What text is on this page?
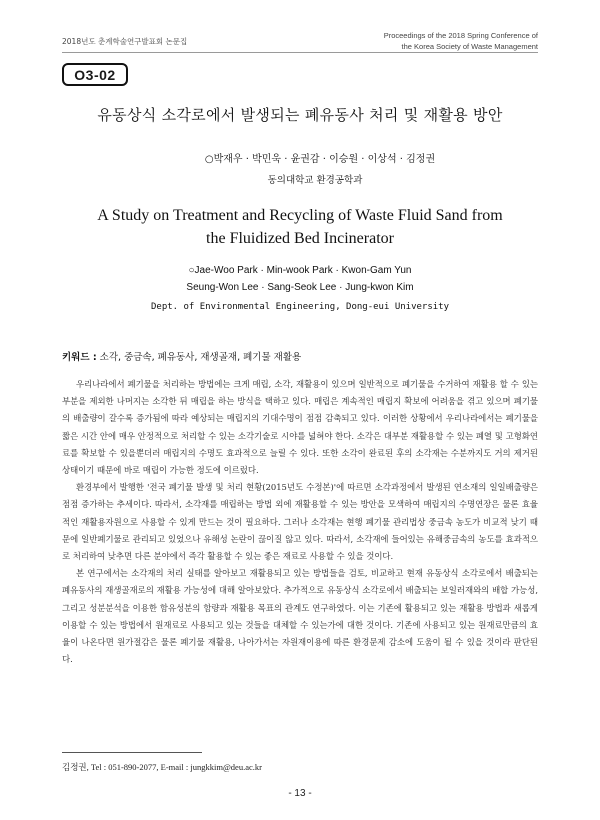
2018년도 춘계학술연구발표회 논문집
Proceedings of the 2018 Spring Conference of
the Korea Society of Waste Management
O3-02
유동상식 소각로에서 발생되는 폐유동사 처리 및 재활용 방안
○박재우 · 박민욱 · 윤권감 · 이승원 · 이상석 · 김정권
동의대학교 환경공학과
A Study on Treatment and Recycling of Waste Fluid Sand from
the Fluidized Bed Incinerator
○Jae-Woo Park · Min-wook Park · Kwon-Gam Yun
Seung-Won Lee · Sang-Seok Lee · Jung-kwon Kim
Dept. of Environmental Engineering, Dong-eui University
키워드 : 소각, 중금속, 폐유동사, 재생골재, 폐기물 재활용

우리나라에서 폐기물을 처리하는 방법에는 크게 매립, 소각, 재활용이 있으며 일반적으로 폐기물을 수거하여 재활용 할 수 있는 부분을 제외한 나머지는 소각한 뒤 매립을 하는 방식을 택하고 있다. 매립은 계속적인 매립지 확보에 어려움을 겪고 있으며 폐기물의 배출량이 갈수록 증가됨에 따라 예상되는 매립지의 기대수명이 점점 감축되고 있다. 이러한 상황에서 우리나라에서는 폐기물을 짧은 시간 안에 매우 안정적으로 처리할 수 있는 소각기술로 시야를 넓혀야 한다. 소각은 대부분 재활용할 수 있는 폐열 및 고형화연료를 확보할 수 있을뿐더러 매립지의 수명도 효과적으로 늘릴 수 있다. 또한 소각이 완료된 후의 소각재는 수분까지도 거의 제거된 상태이기 때문에 바로 매립이 가능한 정도에 이르렀다.

환경부에서 발행한 '전국 폐기물 발생 및 처리 현황(2015년도 수정본)'에 따르면 소각과정에서 발생된 연소재의 일일배출량은 점점 증가하는 추세이다. 따라서, 소각재를 매립하는 방법 외에 재활용할 수 있는 방안을 모색하여 매립지의 수명연장은 물론 효율적인 재활용자원으로 사용할 수 있게 만드는 것이 필요하다. 그러나 소각재는 현행 폐기물 관리법상 중금속 농도가 비교적 낮기 때문에 일반폐기물로 관리되고 있었으나 유해성 논란이 끊이질 않고 있다. 따라서, 소각재에 들어있는 유해중금속의 농도를 효과적으로 처리하여 낮추면 다른 분야에서 즉각 활용할 수 있는 좋은 재료로 사용할 수 있을 것이다.

본 연구에서는 소각재의 처리 실태를 알아보고 재활용되고 있는 방법들을 검토, 비교하고 현재 유동상식 소각로에서 배출되는 폐유동사의 재생골재로의 재활용 가능성에 대해 알아보았다. 추가적으로 유동상식 소각로에서 배출되는 보일러재와의 배합 가능성, 그리고 성분분석을 이용한 함유성분의 함량과 재활용 목표의 관계도 연구하였다. 이는 기존에 활용되고 있는 재활용 방법과 새롭게 이용할 수 있는 방법에서 원재료로 사용되고 있는 것들을 대체할 수 있는가에 대한 것이다. 기존에 사용되고 있는 원재료만큼의 효율이 나온다면 원가절감은 물론 폐기물 재활용, 나아가서는 자원재이용에 따른 환경문제 감소에 도움이 될 수 있을 것이라 판단된다.

김정권, Tel : 051-890-2077, E-mail : jungkkim@deu.ac.kr
- 13 -
